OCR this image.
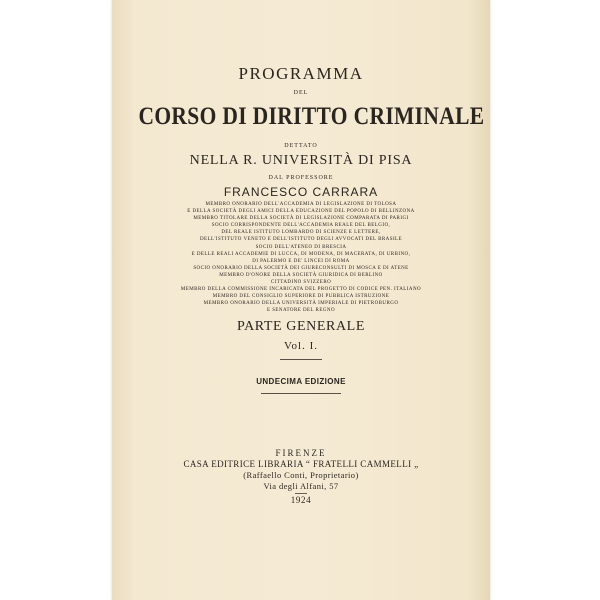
PROGRAMMA
DEL
CORSO DI DIRITTO CRIMINALE
DETTATO
NELLA R. UNIVERSITÀ DI PISA
DAL PROFESSORE
FRANCESCO CARRARA
MEMBRO ONORARIO DELL'ACCADEMIA DI LEGISLAZIONE DI TOLOSA
E DELLA SOCIETÀ DEGLI AMICI DELLA EDUCAZIONE DEL POPOLO DI BELLINZONA
MEMBRO TITOLARE DELLA SOCIETÀ DI LEGISLAZIONE COMPARATA DI PARIGI
SOCIO CORRISPONDENTE DELL'ACCADEMIA REALE DEL BELGIO,
DEL REALE ISTITUTO LOMBARDO DI SCIENZE E LETTERE,
DELL'ISTITUTO VENETO E DELL'ISTITUTO DEGLI AVVOCATI DEL BRASILE
SOCIO DELL'ATENEO DI BRESCIA
E DELLE REALI ACCADEMIE DI LUCCA, DI MODENA, DI MACERATA, DI URBINO,
DI PALERMO E DE' LINCEI DI ROMA
SOCIO ONORARIO DELLA SOCIETÀ DEI GIURECONSULTI DI MOSCA E DI ATENE
MEMBRO D'ONORE DELLA SOCIETÀ GIURIDICA DI BERLINO
CITTADINO SVIZZERO
MEMBRO DELLA COMMISSIONE INCARICATA DEL PROGETTO DI CODICE PEN. ITALIANO
MEMBRO DEL CONSIGLIO SUPERIORE DI PUBBLICA ISTRUZIONE
MEMBRO ONORARIO DELLA UNIVERSITÀ IMPERIALE DI PIETROBURGO
E SENATORE DEL REGNO
PARTE GENERALE
Vol. I.
UNDECIMA EDIZIONE
FIRENZE
CASA EDITRICE LIBRARIA “ FRATELLI CAMMELLI „
(Raffaello Conti, Proprietario)
Via degli Alfani, 57
1924
